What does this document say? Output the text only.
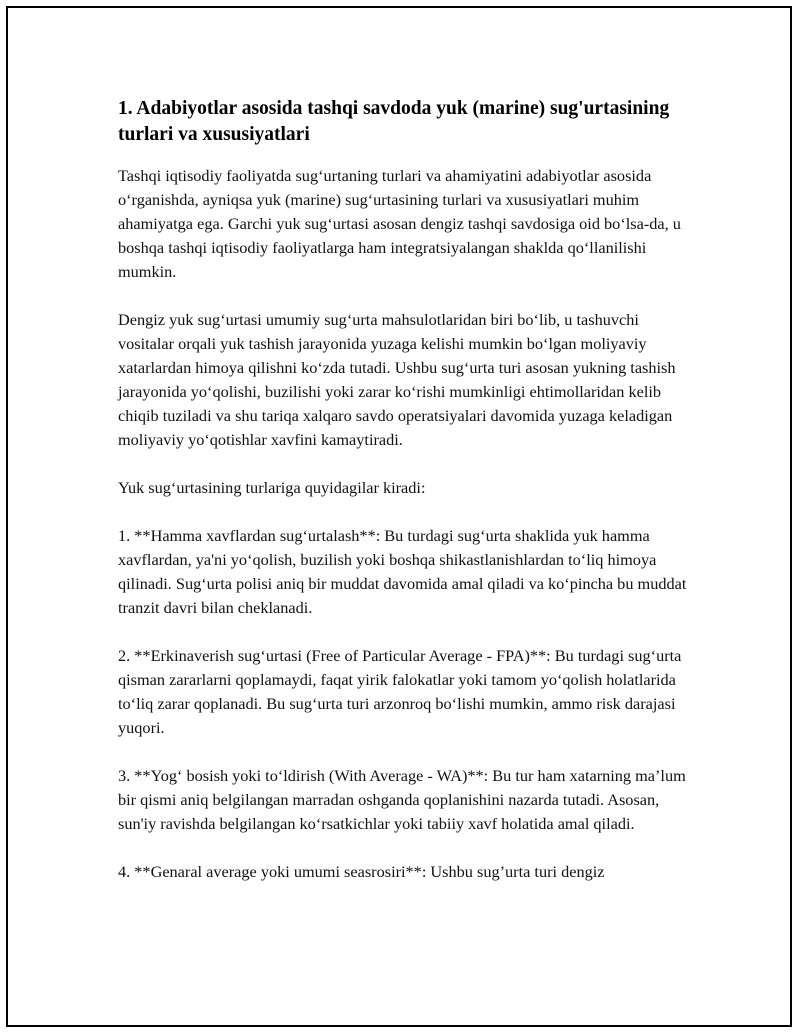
1. Adabiyotlar asosida tashqi savdoda yuk (marine) sug'urtasining turlari va xususiyatlari

Tashqi iqtisodiy faoliyatda sug‘urtaning turlari va ahamiyatini adabiyotlar asosida o‘rganishda, ayniqsa yuk (marine) sug‘urtasining turlari va xususiyatlari muhim ahamiyatga ega. Garchi yuk sug‘urtasi asosan dengiz tashqi savdosiga oid bo‘lsa-da, u boshqa tashqi iqtisodiy faoliyatlarga ham integratsiyalangan shaklda qo‘llanilishi mumkin.

Dengiz yuk sug‘urtasi umumiy sug‘urta mahsulotlaridan biri bo‘lib, u tashuvchi vositalar orqali yuk tashish jarayonida yuzaga kelishi mumkin bo‘lgan moliyaviy xatarlardan himoya qilishni ko‘zda tutadi. Ushbu sug‘urta turi asosan yukning tashish jarayonida yo‘qolishi, buzilishi yoki zarar ko‘rishi mumkinligi ehtimollaridan kelib chiqib tuziladi va shu tariqa xalqaro savdo operatsiyalari davomida yuzaga keladigan moliyaviy yo‘qotishlar xavfini kamaytiradi.

Yuk sug‘urtasining turlariga quyidagilar kiradi:

1. **Hamma xavflardan sug‘urtalash**: Bu turdagi sug‘urta shaklida yuk hamma xavflardan, ya'ni yo‘qolish, buzilish yoki boshqa shikastlanishlardan to‘liq himoya qilinadi. Sug‘urta polisi aniq bir muddat davomida amal qiladi va ko‘pincha bu muddat tranzit davri bilan cheklanadi.

2. **Erkinaverish sug‘urtasi (Free of Particular Average - FPA)**: Bu turdagi sug‘urta qisman zararlarni qoplamaydi, faqat yirik falokatlar yoki tamom yo‘qolish holatlarida to‘liq zarar qoplanadi. Bu sug‘urta turi arzonroq bo‘lishi mumkin, ammo risk darajasi yuqori.

3. **Yog‘ bosish yoki to‘ldirish (With Average - WA)**: Bu tur ham xatarning ma’lum bir qismi aniq belgilangan marradan oshganda qoplanishini nazarda tutadi. Asosan, sun'iy ravishda belgilangan ko‘rsatkichlar yoki tabiiy xavf holatida amal qiladi.

4. **Genaral average yoki umumi seasrosiri**: Ushbu sug’urta turi dengiz
